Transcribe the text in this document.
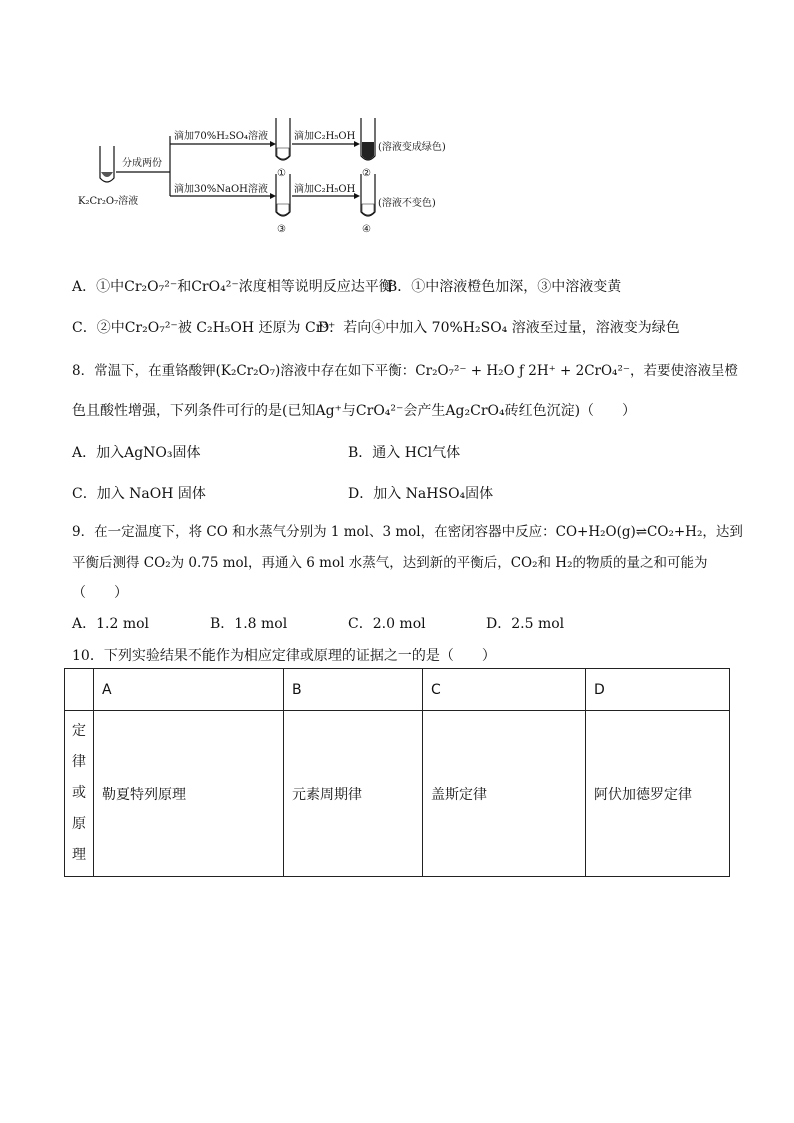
K₂Cr₂O₇溶液
分成两份
滴加70%H₂SO₄溶液
滴加30%NaOH溶液
①
③
滴加C₂H₅OH
滴加C₂H₅OH
②
(溶液变成绿色)
④
(溶液不变色)
A．①中Cr₂O₇²⁻和CrO₄²⁻浓度相等说明反应达平衡
B．①中溶液橙色加深，③中溶液变黄
C．②中Cr₂O₇²⁻被 C₂H₅OH 还原为 Cr³⁺
D．若向④中加入 70%H₂SO₄ 溶液至过量，溶液变为绿色
8．常温下，在重铬酸钾(K₂Cr₂O₇)溶液中存在如下平衡：Cr₂O₇²⁻ + H₂O ƒ 2H⁺ + 2CrO₄²⁻，若要使溶液呈橙
色且酸性增强，下列条件可行的是(已知Ag⁺与CrO₄²⁻会产生Ag₂CrO₄砖红色沉淀)（　　）
A．加入AgNO₃固体	B．通入 HCl气体
C．加入 NaOH 固体	D．加入 NaHSO₄固体
9．在一定温度下，将 CO 和水蒸气分别为 1 mol、3 mol，在密闭容器中反应：CO+H₂O(g)⇌CO₂+H₂，达到
平衡后测得 CO₂为 0.75 mol，再通入 6 mol 水蒸气，达到新的平衡后，CO₂和 H₂的物质的量之和可能为
（　　）
A．1.2 mol	B．1.8 mol	C．2.0 mol	D．2.5 mol
10．下列实验结果不能作为相应定律或原理的证据之一的是（　　）
	A	B	C	D

定
律
或
原
理	勒夏特列原理	元素周期律	盖斯定律	阿伏加德罗定律
